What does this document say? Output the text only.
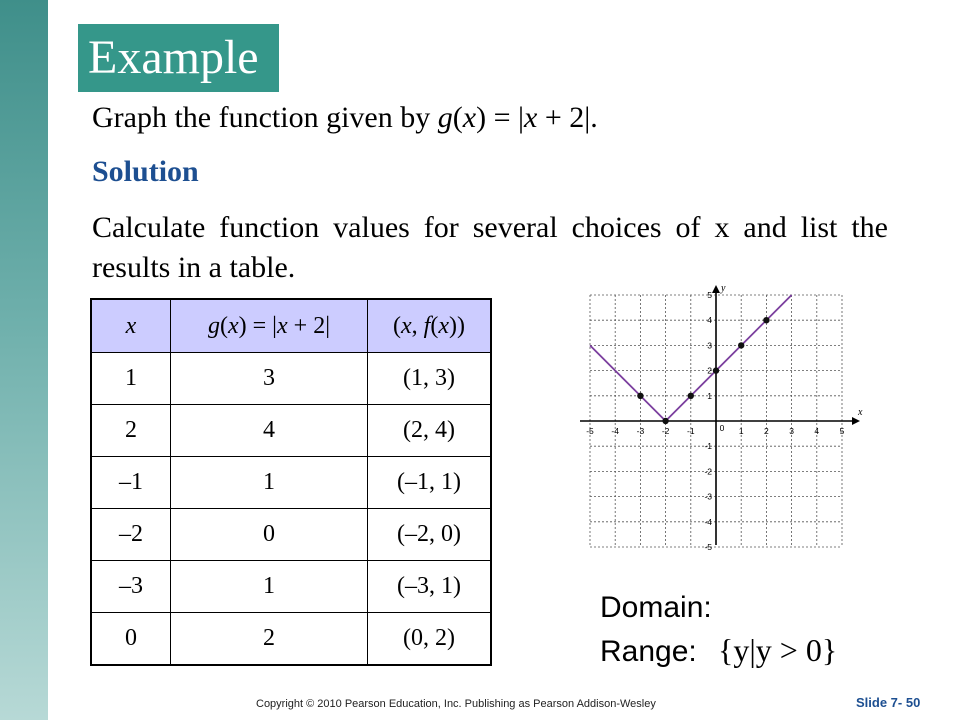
Example
Graph the function given by g(x) = |x + 2|.
Solution
Calculate function values for several choices of x and list the results in a table.
x	g(x) = |x + 2|	(x, f(x))
1	3	(1, 3)
2	4	(2, 4)
–1	1	(–1, 1)
–2	0	(–2, 0)
–3	1	(–3, 1)
0	2	(0, 2)
x
y
-5 -4 -3 -2 -1	0 1 2 3 4 5
-5
-4
-3
-2
-1
1
2
3
4
5
Domain:
Range: {y|y > 0}
Copyright © 2010 Pearson Education, Inc. Publishing as Pearson Addison-Wesley	Slide 7- 50
